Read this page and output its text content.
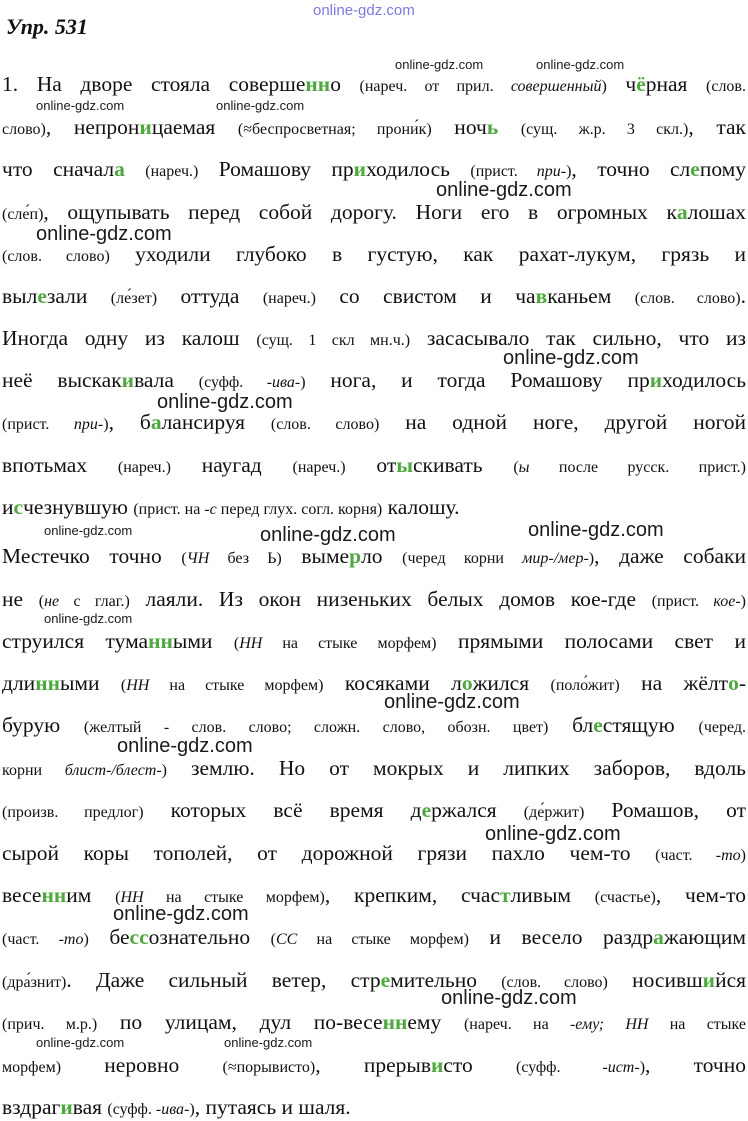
online-gdz.com
Упр. 531
online-gdz.com	online-gdz.com
1. На дворе стояла совершенно (нареч. от прил. совершенный) чёрная (слов.
online-gdz.com	online-gdz.com
слово), непроницаемая (≈беспросветная; прони́к) ночь (сущ. ж.р. 3 скл.), так
что сначала (нареч.) Ромашову приходилось (прист. при-), точно слепому
online-gdz.com
(сле́п), ощупывать перед собой дорогу. Ноги его в огромных калошах
online-gdz.com
(слов. слово) уходили глубоко в густую, как рахат-лукум, грязь и
вылезали (ле́зет) оттуда (нареч.) со свистом и чавканьем (слов. слово).
Иногда одну из калош (сущ. 1 скл мн.ч.) засасывало так сильно, что из
online-gdz.com
неё выскакивала (суфф. -ива-) нога, и тогда Ромашову приходилось
online-gdz.com
(прист. при-), балансируя (слов. слово) на одной ноге, другой ногой
впотьмах (нареч.) наугад (нареч.) отыскивать (ы после русск. прист.)
исчезнувшую (прист. на -с перед глух. согл. корня) калошу.
online-gdz.com	online-gdz.com	online-gdz.com
Местечко точно (ЧН без Ь) вымерло (черед корни мир-/мер-), даже собаки
не (не с глаг.) лаяли. Из окон низеньких белых домов кое-где (прист. кое-)
online-gdz.com
струился туманными (НН на стыке морфем) прямыми полосами свет и
длинными (НН на стыке морфем) косяками ложился (поло́жит) на жёлто-
online-gdz.com
бурую (желтый - слов. слово; сложн. слово, обозн. цвет) блестящую (черед.
online-gdz.com
корни блист-/блест-) землю. Но от мокрых и липких заборов, вдоль
(произв. предлог) которых всё время держался (де́ржит) Ромашов, от
online-gdz.com
сырой коры тополей, от дорожной грязи пахло чем-то (част. -то)
весенним (НН на стыке морфем), крепким, счастливым (счастье), чем-то
online-gdz.com
(част. -то) бессознательно (СС на стыке морфем) и весело раздражающим
(дра́знит). Даже сильный ветер, стремительно (слов. слово) носившийся
online-gdz.com
(прич. м.р.) по улицам, дул по-весеннему (нареч. на -ему; НН на стыке
online-gdz.com	online-gdz.com
морфем) неровно (≈порывисто), прерывисто (суфф. -ист-), точно
вздрагивая (суфф. -ива-), путаясь и шаля.
